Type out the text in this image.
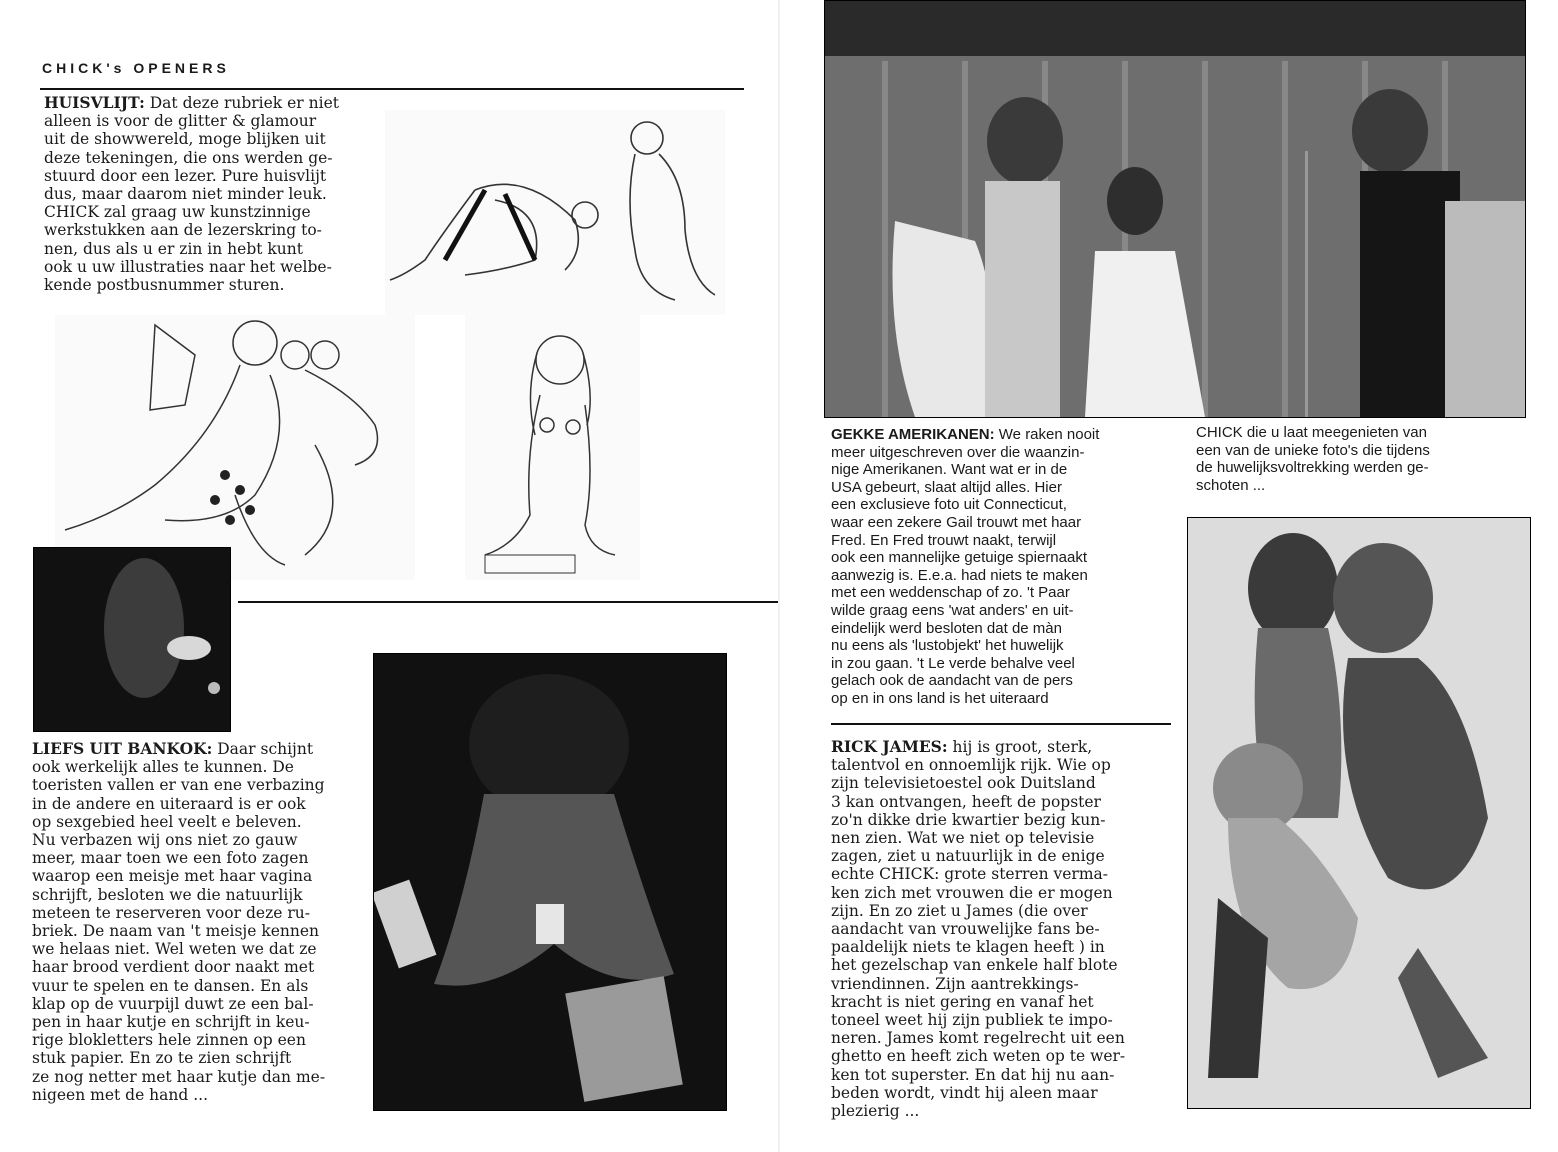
CHICK's OPENERS
HUISVLIJT: Dat deze rubriek er niet
alleen is voor de glitter & glamour
uit de showwereld, moge blijken uit
deze tekeningen, die ons werden ge-
stuurd door een lezer. Pure huisvlijt
dus, maar daarom niet minder leuk.
CHICK zal graag uw kunstzinnige
werkstukken aan de lezerskring to-
nen, dus als u er zin in hebt kunt
ook u uw illustraties naar het welbe-
kende postbusnummer sturen.
LIEFS UIT BANKOK: Daar schijnt
ook werkelijk alles te kunnen. De
toeristen vallen er van ene verbazing
in de andere en uiteraard is er ook
op sexgebied heel veelt e beleven.
Nu verbazen wij ons niet zo gauw
meer, maar toen we een foto zagen
waarop een meisje met haar vagina
schrijft, besloten we die natuurlijk
meteen te reserveren voor deze ru-
briek. De naam van 't meisje kennen
we helaas niet. Wel weten we dat ze
haar brood verdient door naakt met
vuur te spelen en te dansen. En als
klap op de vuurpijl duwt ze een bal-
pen in haar kutje en schrijft in keu-
rige blokletters hele zinnen op een
stuk papier. En zo te zien schrijft
ze nog netter met haar kutje dan me-
nigeen met de hand ...
GEKKE AMERIKANEN: We raken nooit
meer uitgeschreven over die waanzin-
nige Amerikanen. Want wat er in de
USA gebeurt, slaat altijd alles. Hier
een exclusieve foto uit Connecticut,
waar een zekere Gail trouwt met haar
Fred. En Fred trouwt naakt, terwijl
ook een mannelijke getuige spiernaakt
aanwezig is. E.e.a. had niets te maken
met een weddenschap of zo. 't Paar
wilde graag eens 'wat anders' en uit-
eindelijk werd besloten dat de màn
nu eens als 'lustobjekt' het huwelijk
in zou gaan. 't Le verde behalve veel
gelach ook de aandacht van de pers
op en in ons land is het uiteraard
CHICK die u laat meegenieten van
een van de unieke foto's die tijdens
de huwelijksvoltrekking werden ge-
schoten ...
RICK JAMES: hij is groot, sterk,
talentvol en onnoemlijk rijk. Wie op
zijn televisietoestel ook Duitsland
3 kan ontvangen, heeft de popster
zo'n dikke drie kwartier bezig kun-
nen zien. Wat we niet op televisie
zagen, ziet u natuurlijk in de enige
echte CHICK: grote sterren verma-
ken zich met vrouwen die er mogen
zijn. En zo ziet u James (die over
aandacht van vrouwelijke fans be-
paaldelijk niets te klagen heeft ) in
het gezelschap van enkele half blote
vriendinnen. Zijn aantrekkings-
kracht is niet gering en vanaf het
toneel weet hij zijn publiek te impo-
neren. James komt regelrecht uit een
ghetto en heeft zich weten op te wer-
ken tot superster. En dat hij nu aan-
beden wordt, vindt hij aleen maar
plezierig ...
